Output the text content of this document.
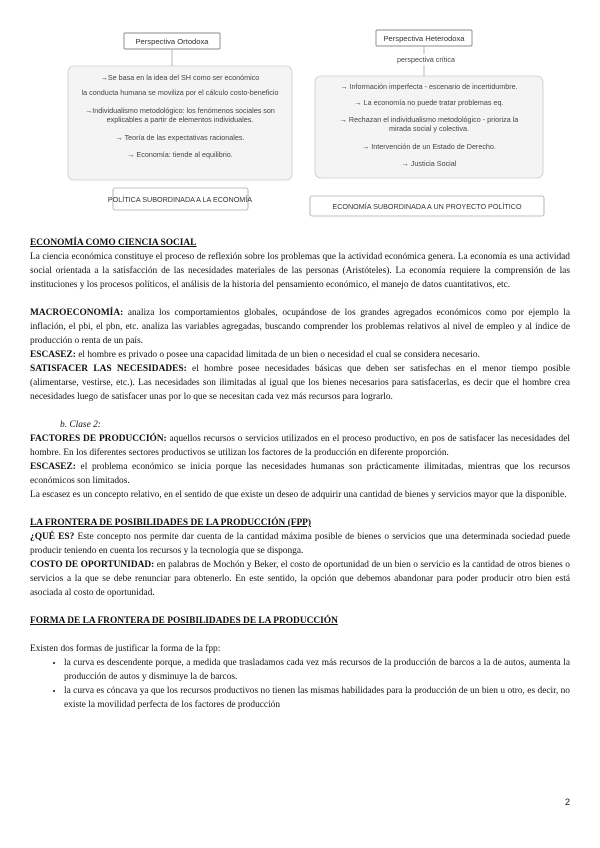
Perspectiva Ortodoxa
→Se basa en la idea del SH como ser económico
la conducta humana se moviliza por el cálculo costo-beneficio
→Individualismo metodológico: los fenómenos sociales son
explicables a partir de elementos individuales.
→ Teoría de las expectativas racionales.
→ Economía: tiende al equilibrio.
POLÍTICA SUBORDINADA A LA ECONOMÍA
Perspectiva Heterodoxa
perspectiva crítica
→ Información imperfecta - escenario de incertidumbre.
→ La economía no puede tratar problemas eq.
→ Rechazan el individualismo metodológico - prioriza la
mirada social y colectiva.
→ Intervención de un Estado de Derecho.
→ Justicia Social
ECONOMÍA SUBORDINADA A UN PROYECTO POLÍTICO

ECONOMÍA COMO CIENCIA SOCIAL

La ciencia económica constituye el proceso de reflexión sobre los problemas que la actividad económica genera. La economía es una actividad social orientada a la satisfacción de las necesidades materiales de las personas (Aristóteles). La economía requiere la comprensión de las instituciones y los procesos políticos, el análisis de la historia del pensamiento económico, el manejo de datos cuantitativos, etc.

MACROECONOMÍA: analiza los comportamientos globales, ocupándose de los grandes agregados económicos como por ejemplo la inflación, el pbi, el pbn, etc. analiza las variables agregadas, buscando comprender los problemas relativos al nivel de empleo y al índice de producción o renta de un país.

ESCASEZ: el hombre es privado o posee una capacidad limitada de un bien o necesidad el cual se considera necesario.

SATISFACER LAS NECESIDADES: el hombre posee necesidades básicas que deben ser satisfechas en el menor tiempo posible (alimentarse, vestirse, etc.). Las necesidades son ilimitadas al igual que los bienes necesarios para satisfacerlas, es decir que el hombre crea necesidades luego de satisfacer unas por lo que se necesitan cada vez más recursos para lograrlo.

b. Clase 2:

FACTORES DE PRODUCCIÓN: aquellos recursos o servicios utilizados en el proceso productivo, en pos de satisfacer las necesidades del hombre. En los diferentes sectores productivos se utilizan los factores de la producción en diferente proporción.

ESCASEZ: el problema económico se inicia porque las necesidades humanas son prácticamente ilimitadas, mientras que los recursos económicos son limitados.

La escasez es un concepto relativo, en el sentido de que existe un deseo de adquirir una cantidad de bienes y servicios mayor que la disponible.

LA FRONTERA DE POSIBILIDADES DE LA PRODUCCIÓN (FPP)

¿QUÉ ES? Este concepto nos permite dar cuenta de la cantidad máxima posible de bienes o servicios que una determinada sociedad puede producir teniendo en cuenta los recursos y la tecnología que se disponga.

COSTO DE OPORTUNIDAD: en palabras de Mochón y Beker, el costo de oportunidad de un bien o servicio es la cantidad de otros bienes o servicios a la que se debe renunciar para obtenerlo. En este sentido, la opción que debemos abandonar para poder producir otro bien está asociada al costo de oportunidad.

FORMA DE LA FRONTERA DE POSIBILIDADES DE LA PRODUCCIÓN

Existen dos formas de justificar la forma de la fpp:

• la curva es descendente porque, a medida que trasladamos cada vez más recursos de la producción de barcos a la de autos, aumenta la producción de autos y disminuye la de barcos.
• la curva es cóncava ya que los recursos productivos no tienen las mismas habilidades para la producción de un bien u otro, es decir, no existe la movilidad perfecta de los factores de producción
2
